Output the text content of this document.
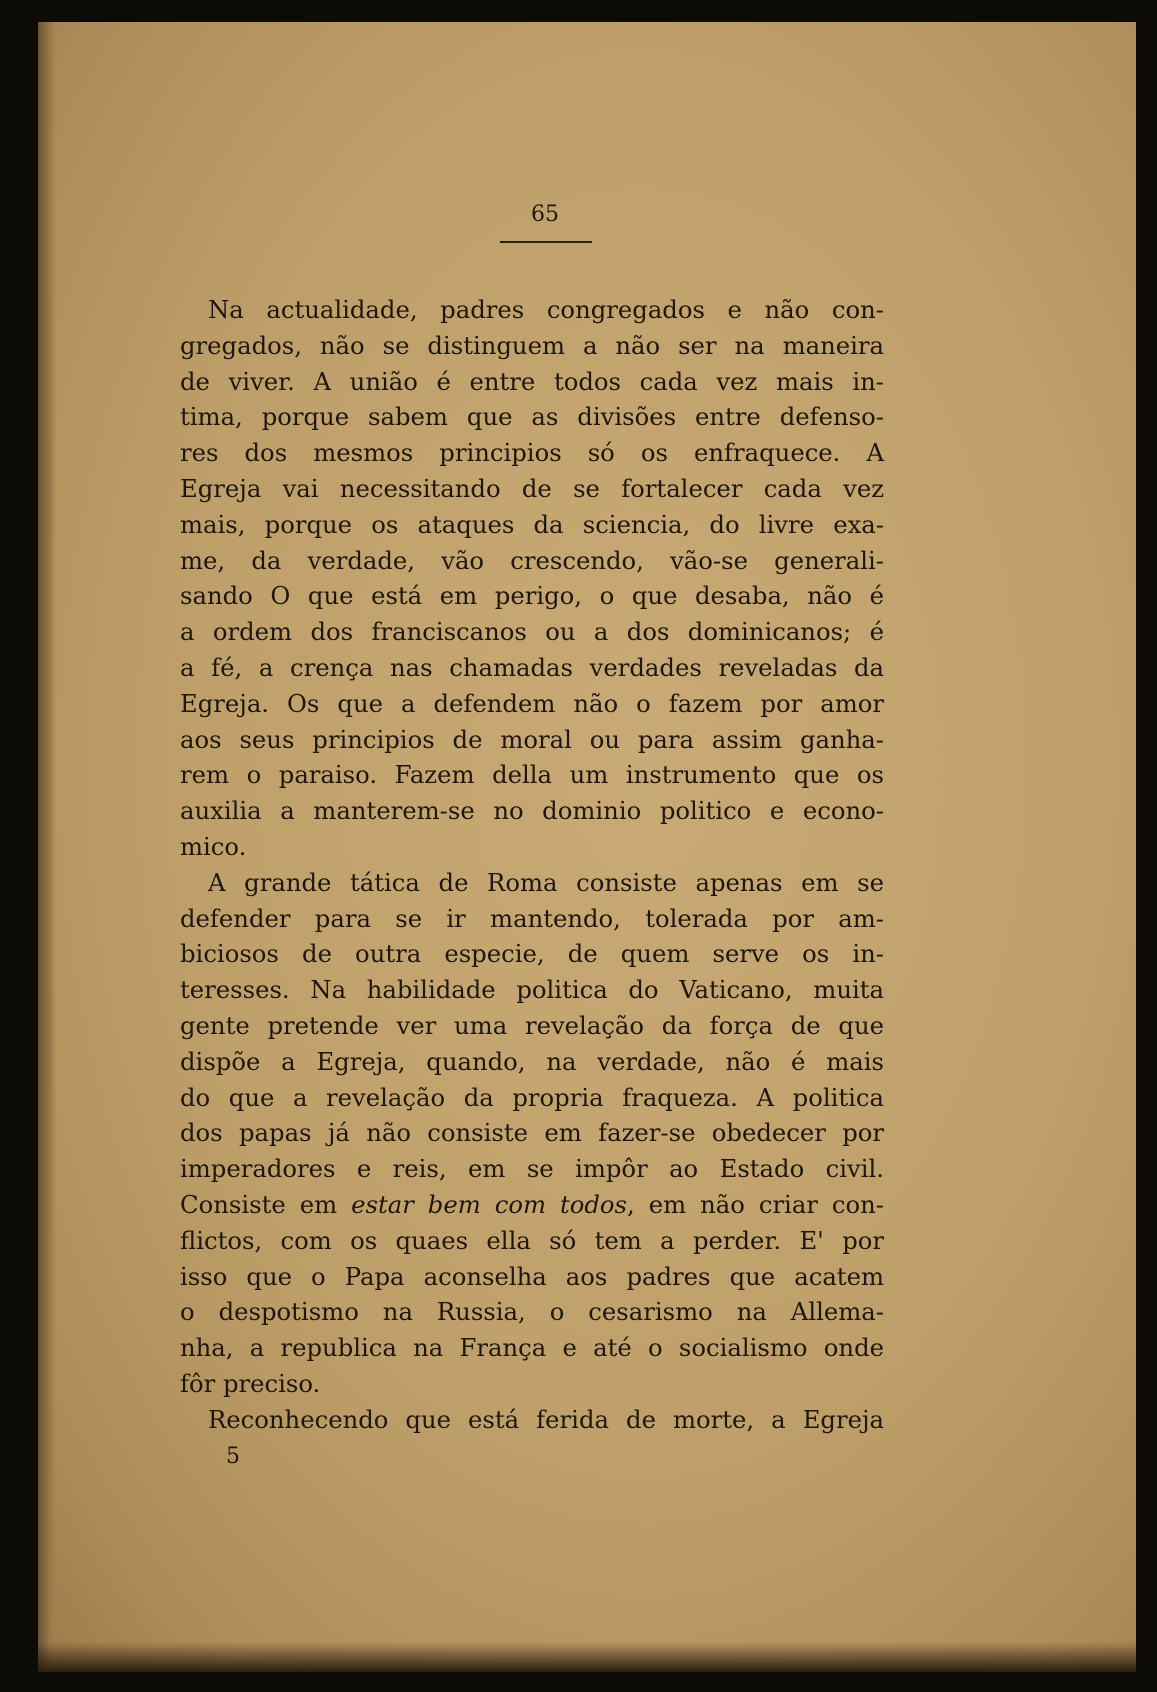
65
Na actualidade, padres congregados e não con-
gregados, não se distinguem a não ser na maneira
de viver. A união é entre todos cada vez mais in-
tima, porque sabem que as divisões entre defenso-
res dos mesmos principios só os enfraquece. A
Egreja vai necessitando de se fortalecer cada vez
mais, porque os ataques da sciencia, do livre exa-
me, da verdade, vão crescendo, vão-se generali-
sando O que está em perigo, o que desaba, não é
a ordem dos franciscanos ou a dos dominicanos; é
a fé, a crença nas chamadas verdades reveladas da
Egreja. Os que a defendem não o fazem por amor
aos seus principios de moral ou para assim ganha-
rem o paraiso. Fazem della um instrumento que os
auxilia a manterem-se no dominio politico e econo-
mico.
A grande tática de Roma consiste apenas em se
defender para se ir mantendo, tolerada por am-
biciosos de outra especie, de quem serve os in-
teresses. Na habilidade politica do Vaticano, muita
gente pretende ver uma revelação da força de que
dispõe a Egreja, quando, na verdade, não é mais
do que a revelação da propria fraqueza. A politica
dos papas já não consiste em fazer-se obedecer por
imperadores e reis, em se impôr ao Estado civil.
Consiste em estar bem com todos, em não criar con-
flictos, com os quaes ella só tem a perder. E' por
isso que o Papa aconselha aos padres que acatem
o despotismo na Russia, o cesarismo na Allema-
nha, a republica na França e até o socialismo onde
fôr preciso.
Reconhecendo que está ferida de morte, a Egreja
5
